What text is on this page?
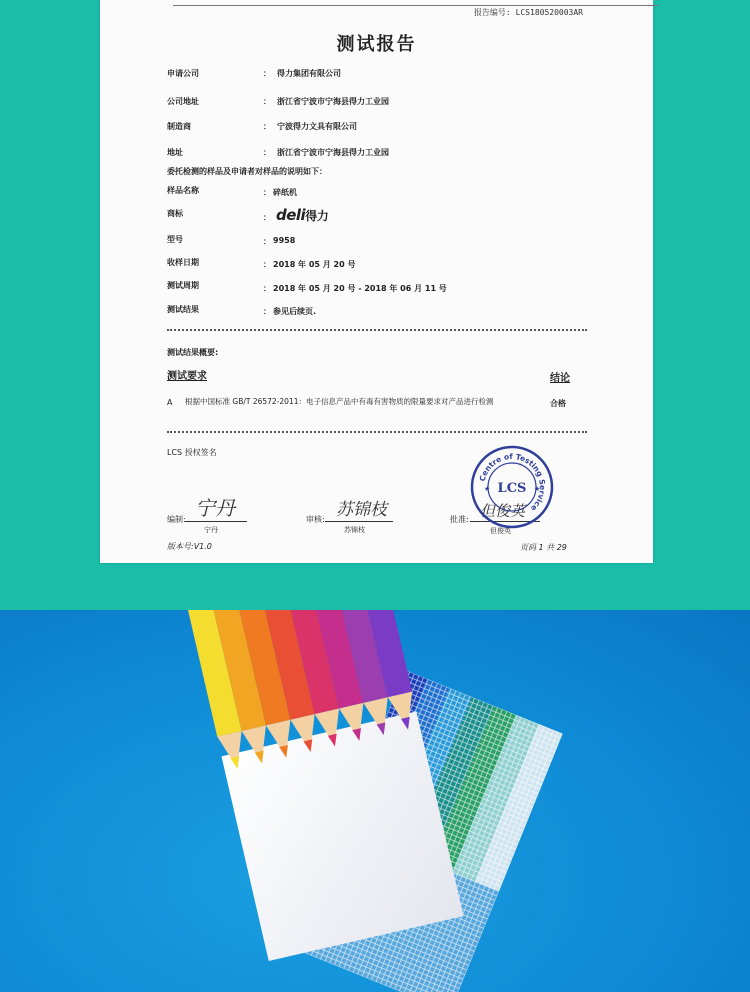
报告编号: LCS180520003AR
测试报告
申请公司	： 得力集团有限公司
公司地址	： 浙江省宁波市宁海县得力工业园
制造商	： 宁波得力文具有限公司
地址	： 浙江省宁波市宁海县得力工业园
委托检测的样品及申请者对样品的说明如下：
样品名称	： 碎纸机
商标	： deli得力
型号	： 9958
收样日期	： 2018 年 05 月 20 号
测试周期	： 2018 年 05 月 20 号 - 2018 年 06 月 11 号
测试结果	： 参见后续页.
测试结果概要:
测试要求	结论
A 根据中国标准 GB/T 26572-2011：电子信息产品中有毒有害物质的限量要求对产品进行检测	合格
LCS 授权签名
编制: 宁丹
宁丹
审核: 苏锦枝
苏锦枝
批准: 但俊英
但俊英
Centre of Testing Service
LCS
★	★
版本号:V1.0	页码 1 共 29
